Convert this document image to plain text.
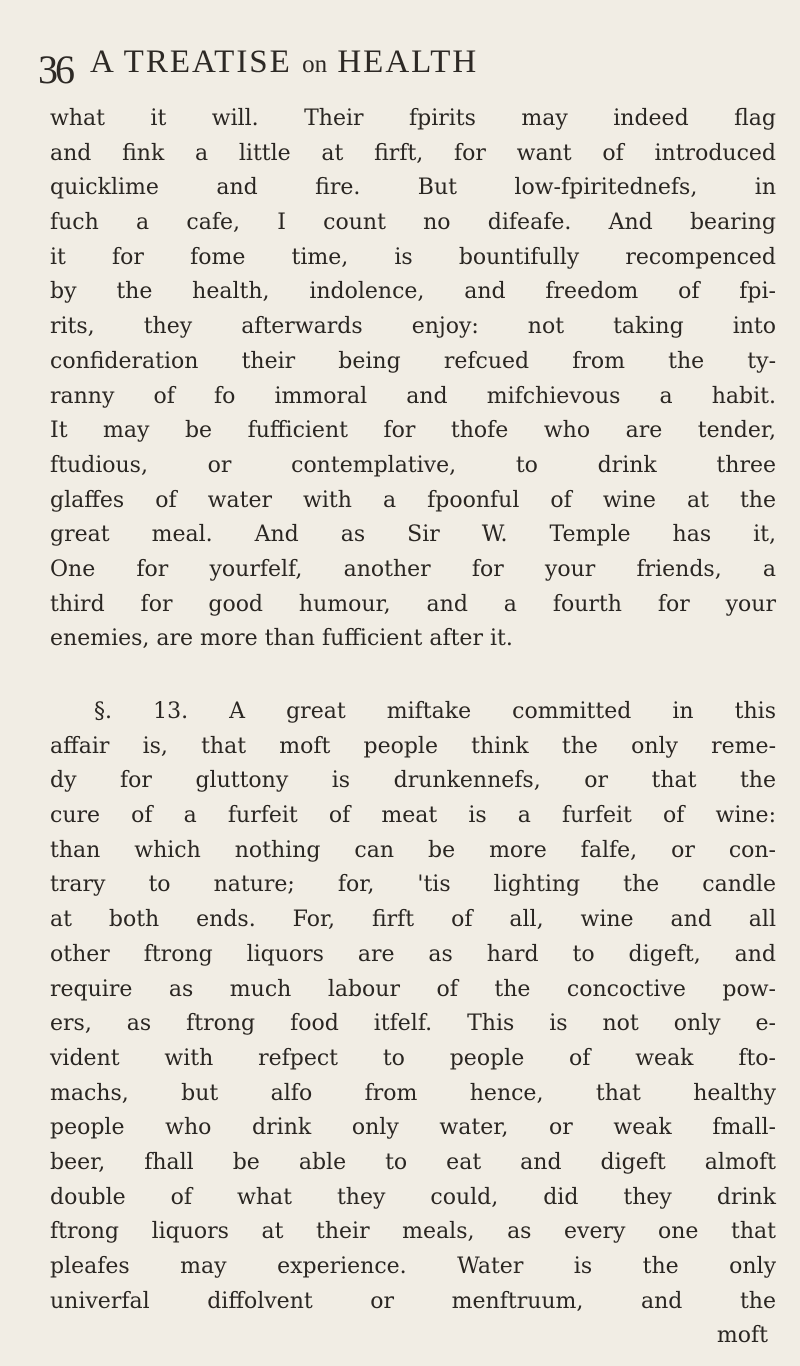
36 A TREATISE on HEALTH
what it will. Their fpirits may indeed flag
and fink a little at firft, for want of introduced
quicklime and fire. But low-fpiritednefs, in
fuch a cafe, I count no difeafe. And bearing
it for fome time, is bountifully recompenced
by the health, indolence, and freedom of fpi-
rits, they afterwards enjoy: not taking into
confideration their being refcued from the ty-
ranny of fo immoral and mifchievous a habit.
It may be fufficient for thofe who are tender,
ftudious, or contemplative, to drink three
glaffes of water with a fpoonful of wine at the
great meal. And as Sir W. Temple has it,
One for yourfelf, another for your friends, a
third for good humour, and a fourth for your
enemies, are more than fufficient after it.
§. 13. A great miftake committed in this
affair is, that moft people think the only reme-
dy for gluttony is drunkennefs, or that the
cure of a furfeit of meat is a furfeit of wine:
than which nothing can be more falfe, or con-
trary to nature; for, 'tis lighting the candle
at both ends. For, firft of all, wine and all
other ftrong liquors are as hard to digeft, and
require as much labour of the concoctive pow-
ers, as ftrong food itfelf. This is not only e-
vident with refpect to people of weak fto-
machs, but alfo from hence, that healthy
people who drink only water, or weak fmall-
beer, fhall be able to eat and digeft almoft
double of what they could, did they drink
ftrong liquors at their meals, as every one that
pleafes may experience. Water is the only
univerfal diffolvent or menftruum, and the
moft
